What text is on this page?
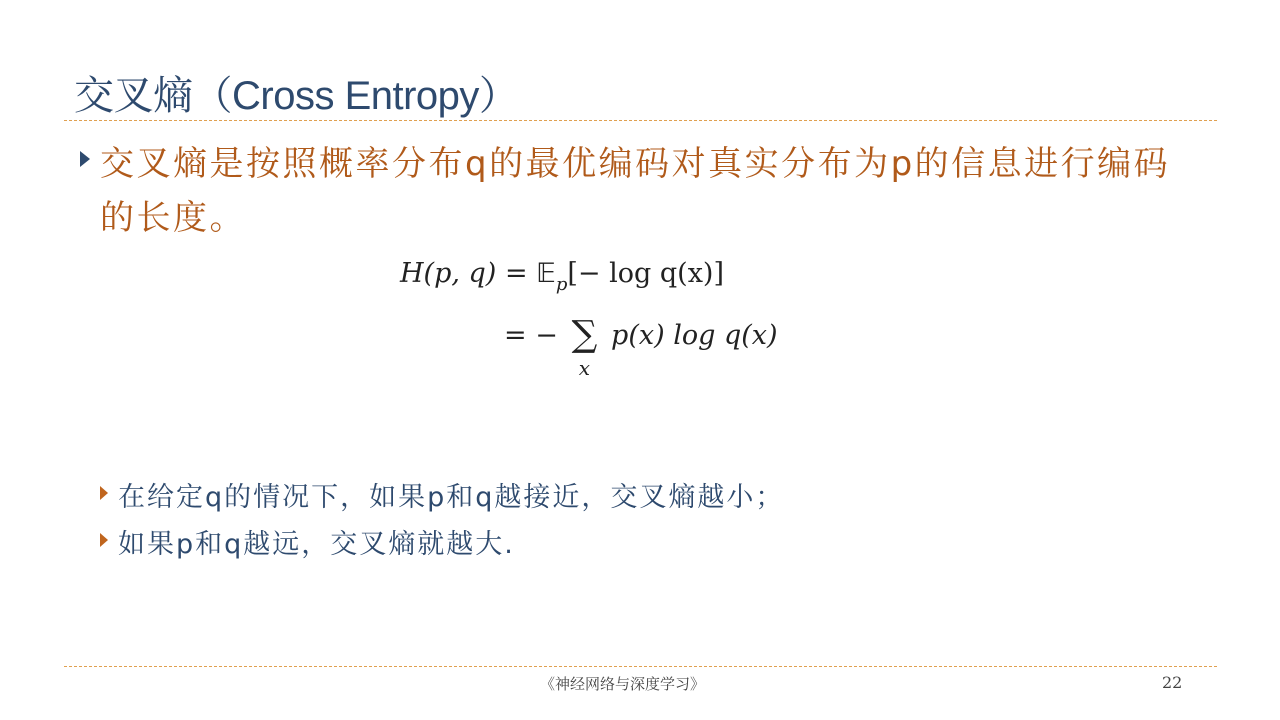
交叉熵（Cross Entropy）
交叉熵是按照概率分布q的最优编码对真实分布为p的信息进行编码的长度。
H(p, q) = 𝔼$_p$[− log q(x)]
= − ∑
x
p(x) log q(x)
在给定q的情况下，如果p和q越接近，交叉熵越小；
如果p和q越远，交叉熵就越大.
《神经网络与深度学习》	22
